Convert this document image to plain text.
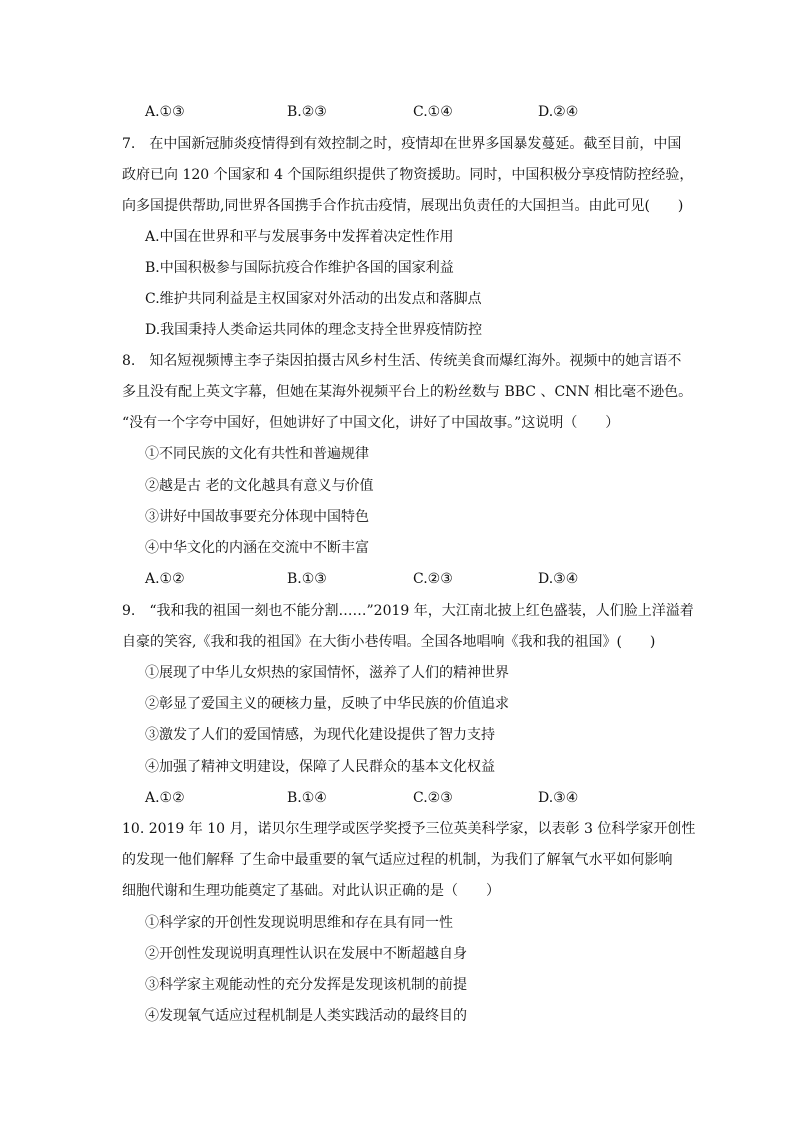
A.①③	B.②③	C.①④	D.②④
7.　在中国新冠肺炎疫情得到有效控制之时，疫情却在世界多国暴发蔓延。截至目前，中国
政府已向 120 个国家和 4 个国际组织提供了物资援助。同时，中国积极分享疫情防控经验，
向多国提供帮助,同世界各国携手合作抗击疫情，展现出负责任的大国担当。由此可见(　　)
A.中国在世界和平与发展事务中发挥着决定性作用
B.中国积极参与国际抗疫合作维护各国的国家利益
C.维护共同利益是主权国家对外活动的出发点和落脚点
D.我国秉持人类命运共同体的理念支持全世界疫情防控
8.　知名短视频博主李子柒因拍摄古风乡村生活、传统美食而爆红海外。视频中的她言语不
多且没有配上英文字幕，但她在某海外视频平台上的粉丝数与 BBC 、CNN 相比毫不逊色。
“没有一个字夸中国好，但她讲好了中国文化，讲好了中国故事。”这说明（　　）
①不同民族的文化有共性和普遍规律
②越是古 老的文化越具有意义与价值
③讲好中国故事要充分体现中国特色
④中华文化的内涵在交流中不断丰富
A.①②	B.①③	C.②③	D.③④
9.　“我和我的祖国一刻也不能分割……”2019 年，大江南北披上红色盛装，人们脸上洋溢着
自豪的笑容,《我和我的祖国》在大街小巷传唱。全国各地唱响《我和我的祖国》(　　)
①展现了中华儿女炽热的家国情怀，滋养了人们的精神世界
②彰显了爱国主义的硬核力量，反映了中华民族的价值追求
③激发了人们的爱国情感，为现代化建设提供了智力支持
④加强了精神文明建设，保障了人民群众的基本文化权益
A.①②	B.①④	C.②③	D.③④
10. 2019 年 10 月，诺贝尔生理学或医学奖授予三位英美科学家，以表彰 3 位科学家开创性
的发现一他们解释 了生命中最重要的氧气适应过程的机制，为我们了解氧气水平如何影响
细胞代谢和生理功能奠定了基础。对此认识正确的是（　　）
①科学家的开创性发现说明思维和存在具有同一性
②开创性发现说明真理性认识在发展中不断超越自身
③科学家主观能动性的充分发挥是发现该机制的前提
④发现氧气适应过程机制是人类实践活动的最终目的
